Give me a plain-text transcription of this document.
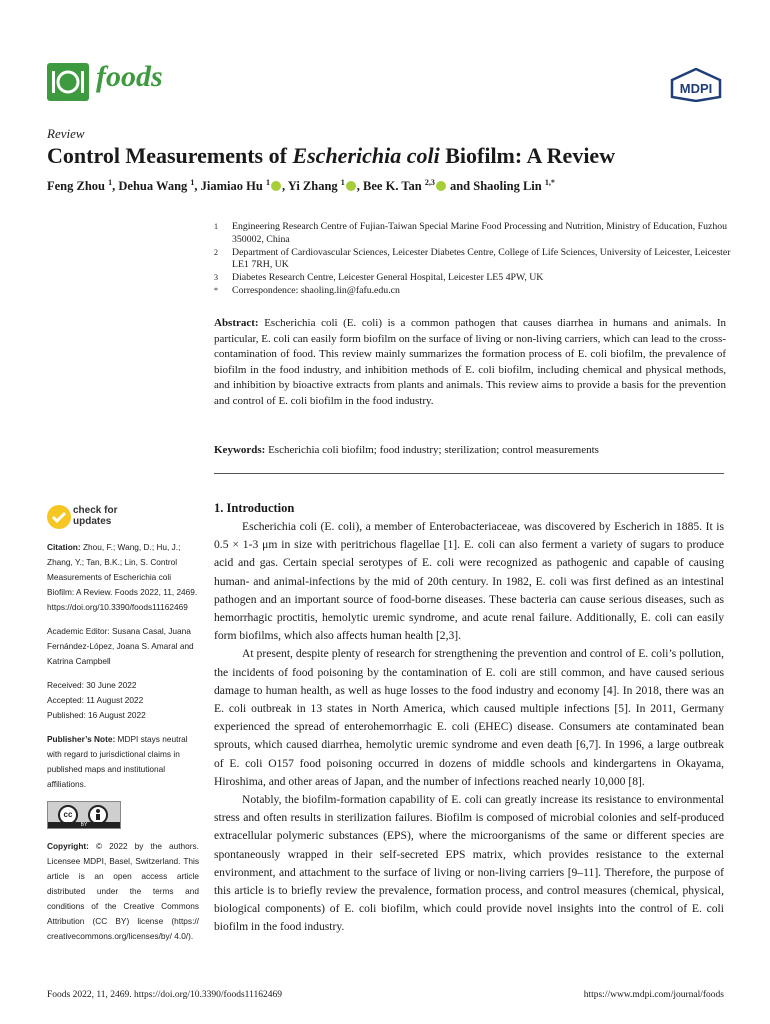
foods	MDPI
Review
Control Measurements of Escherichia coli Biofilm: A Review
Feng Zhou $^1$, Dehua Wang $^1$, Jiamiao Hu $^1$ , Yi Zhang $^1$ , Bee K. Tan $^{2,3}$ and Shaoling Lin $^{1,*}$
1	Engineering Research Centre of Fujian-Taiwan Special Marine Food Processing and Nutrition, Ministry of Education, Fuzhou 350002, China
2	Department of Cardiovascular Sciences, Leicester Diabetes Centre, College of Life Sciences, University of Leicester, Leicester LE1 7RH, UK
3	Diabetes Research Centre, Leicester General Hospital, Leicester LE5 4PW, UK
*	Correspondence: shaoling.lin@fafu.edu.cn
Abstract: Escherichia coli (E. coli) is a common pathogen that causes diarrhea in humans and animals. In particular, E. coli can easily form biofilm on the surface of living or non-living carriers, which can lead to the cross-contamination of food. This review mainly summarizes the formation process of E. coli biofilm, the prevalence of biofilm in the food industry, and inhibition methods of E. coli biofilm, including chemical and physical methods, and inhibition by bioactive extracts from plants and animals. This review aims to provide a basis for the prevention and control of E. coli biofilm in the food industry.
Keywords: Escherichia coli biofilm; food industry; sterilization; control measurements
check for
updates
Citation: Zhou, F.; Wang, D.; Hu, J.; Zhang, Y.; Tan, B.K.; Lin, S. Control Measurements of Escherichia coli Biofilm: A Review. Foods 2022, 11, 2469. https://doi.org/10.3390/foods11162469
Academic Editor: Susana Casal, Juana Fernández-López, Joana S. Amaral and Katrina Campbell
Received: 30 June 2022
Accepted: 11 August 2022
Published: 16 August 2022
Publisher’s Note: MDPI stays neutral with regard to jurisdictional claims in published maps and institutional affiliations.
cc
BY
Copyright: © 2022 by the authors. Licensee MDPI, Basel, Switzerland. This article is an open access article distributed under the terms and conditions of the Creative Commons Attribution (CC BY) license (https:// creativecommons.org/licenses/by/ 4.0/).
1. Introduction

Escherichia coli (E. coli), a member of Enterobacteriaceae, was discovered by Escherich in 1885. It is 0.5 × 1-3 μm in size with peritrichous flagellae [1]. E. coli can also ferment a variety of sugars to produce acid and gas. Certain special serotypes of E. coli were recognized as pathogenic and capable of causing human- and animal-infections by the mid of 20th century. In 1982, E. coli was first defined as an intestinal pathogen and an important source of food-borne diseases. These bacteria can cause serious diseases, such as hemorrhagic proctitis, hemolytic uremic syndrome, and acute renal failure. Additionally, E. coli can easily form biofilms, which also affects human health [2,3].

At present, despite plenty of research for strengthening the prevention and control of E. coli’s pollution, the incidents of food poisoning by the contamination of E. coli are still common, and have caused serious damage to human health, as well as huge losses to the food industry and economy [4]. In 2018, there was an E. coli outbreak in 13 states in North America, which caused multiple infections [5]. In 2011, Germany experienced the spread of enterohemorrhagic E. coli (EHEC) disease. Consumers ate contaminated bean sprouts, which caused diarrhea, hemolytic uremic syndrome and even death [6,7]. In 1996, a large outbreak of E. coli O157 food poisoning occurred in dozens of middle schools and kindergartens in Okayama, Hiroshima, and other areas of Japan, and the number of infections reached nearly 10,000 [8].

Notably, the biofilm-formation capability of E. coli can greatly increase its resistance to environmental stress and often results in sterilization failures. Biofilm is composed of microbial colonies and self-produced extracellular polymeric substances (EPS), where the microorganisms of the same or different species are spontaneously wrapped in their self-secreted EPS matrix, which provides resistance to the external environment, and attachment to the surface of living or non-living carriers [9–11]. Therefore, the purpose of this article is to briefly review the prevalence, formation process, and control measures (chemical, physical, biological components) of E. coli biofilm, which could provide novel insights into the control of E. coli biofilm in the food industry.

Foods 2022, 11, 2469. https://doi.org/10.3390/foods11162469	https://www.mdpi.com/journal/foods
